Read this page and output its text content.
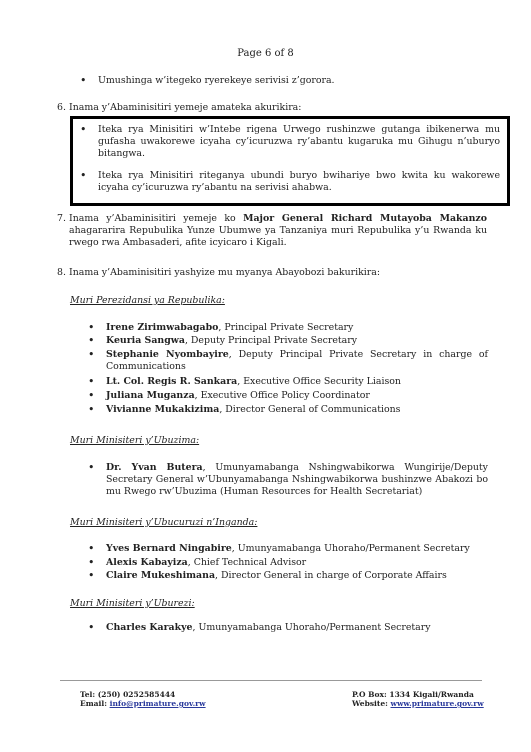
Page 6 of 8
• Umushinga w’itegeko ryerekeye serivisi z’gorora.
6. Inama y’Abaminisitiri yemeje amateka akurikira:
• Iteka rya Minisitiri w’Intebe rigena Urwego rushinzwe gutanga ibikenerwa mu gufasha uwakorewe icyaha cy’icuruzwa ry’abantu kugaruka mu Gihugu n’uburyo bitangwa.
• Iteka rya Minisitiri riteganya ubundi buryo bwihariye bwo kwita ku wakorewe icyaha cy’icuruzwa ry’abantu na serivisi ahabwa.
7. Inama y’Abaminisitiri yemeje ko Major General Richard Mutayoba Makanzo ahagararira Repubulika Yunze Ubumwe ya Tanzaniya muri Repubulika y’u Rwanda ku rwego rwa Ambasaderi, afite icyicaro i Kigali.
8. Inama y’Abaminisitiri yashyize mu myanya Abayobozi bakurikira:
Muri Perezidansi ya Repubulika:
• Irene Zirimwabagabo, Principal Private Secretary
• Keuria Sangwa, Deputy Principal Private Secretary
• Stephanie Nyombayire, Deputy Principal Private Secretary in charge of Communications
• Lt. Col. Regis R. Sankara, Executive Office Security Liaison
• Juliana Muganza, Executive Office Policy Coordinator
• Vivianne Mukakizima, Director General of Communications
Muri Minisiteri y’Ubuzima:
• Dr. Yvan Butera, Umunyamabanga Nshingwabikorwa Wungirije/Deputy Secretary General w’Ubunyamabanga Nshingwabikorwa bushinzwe Abakozi bo mu Rwego rw’Ubuzima (Human Resources for Health Secretariat)
Muri Minisiteri y’Ubucuruzi n’Inganda:
• Yves Bernard Ningabire, Umunyamabanga Uhoraho/Permanent Secretary
• Alexis Kabayiza, Chief Technical Advisor
• Claire Mukeshimana, Director General in charge of Corporate Affairs
Muri Minisiteri y’Uburezi:
• Charles Karakye, Umunyamabanga Uhoraho/Permanent Secretary
Tel: (250) 0252585444
Email: info@primature.gov.rw
P.O Box: 1334 Kigali/Rwanda
Website: www.primature.gov.rw
